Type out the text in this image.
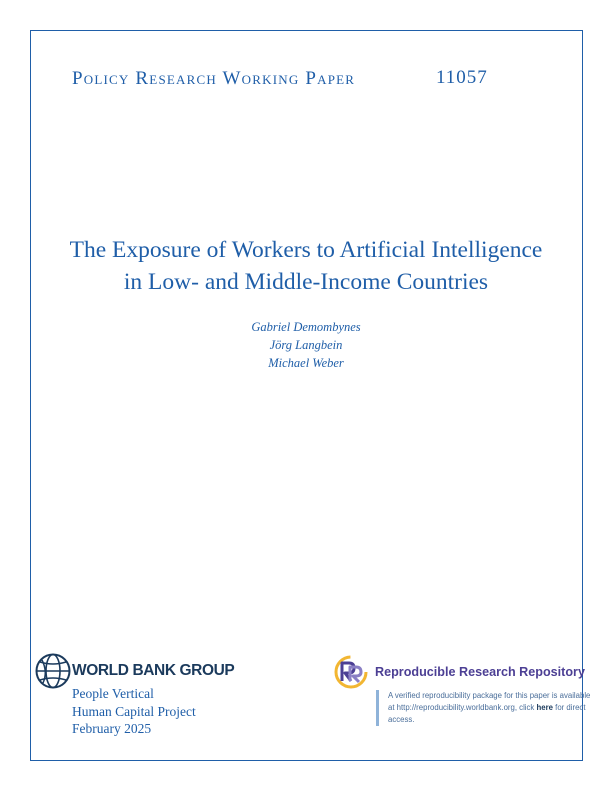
Policy Research Working Paper	11057
The Exposure of Workers to Artificial Intelligence
in Low- and Middle-Income Countries
Gabriel Demombynes
Jörg Langbein
Michael Weber
WORLD BANK GROUP
People Vertical
Human Capital Project
February 2025
Reproducible Research Repository
A verified reproducibility package for this paper is available at http://reproducibility.worldbank.org, click here for direct access.
